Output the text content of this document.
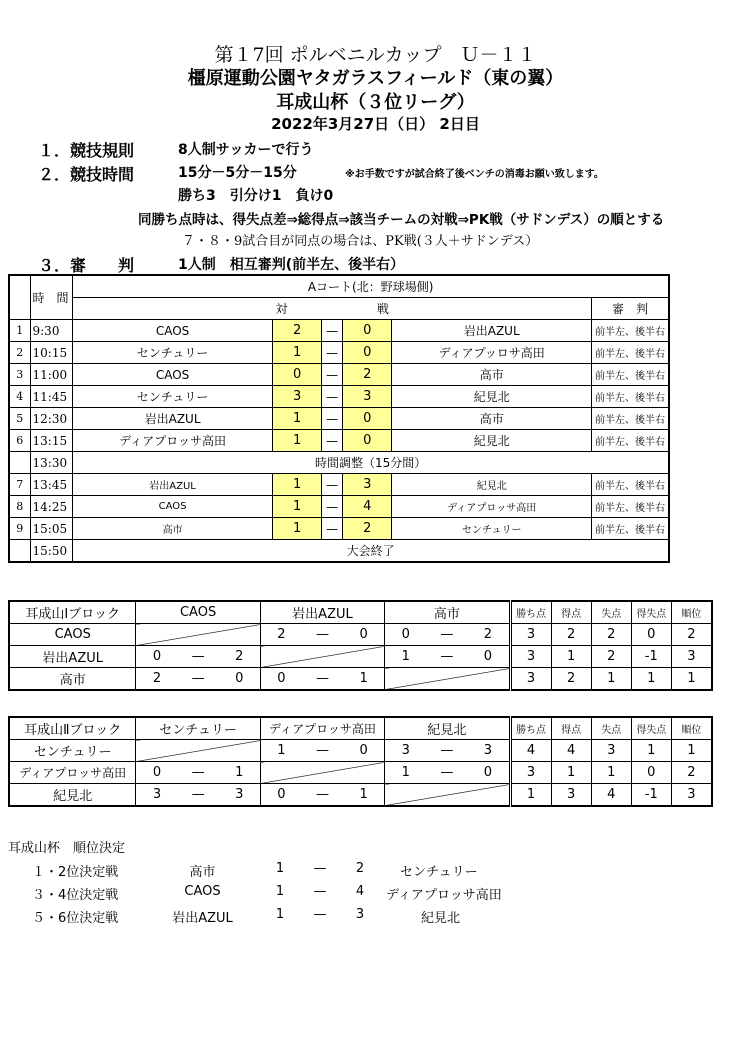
第１7回 ポルベニルカップ　Ｕ－１１
橿原運動公園ヤタガラスフィールド（東の翼）
耳成山杯（３位リーグ）
2022年3月27日（日） 2日目
１．競技規則	8人制サッカーで行う
２．競技時間	15分－5分－15分	※お手数ですが試合終了後ベンチの消毒お願い致します。
勝ち3　引分け1　負け0
同勝ち点時は、得失点差⇒総得点⇒該当チームの対戦⇒PK戦（サドンデス）の順とする
７・８・9試合目が同点の場合は、PK戦(３人＋サドンデス）
３．審　　判	1人制　相互審判(前半左、後半右）
	時　間	Aコート(北：野球場側)					
		対			戦		審　判
1	9:30	CAOS	2	—	0	岩出AZUL	前半左、後半右
2	10:15	センチュリー	1	—	0	ディアプッロサ高田	前半左、後半右
3	11:00	CAOS	0	—	2	高市	前半左、後半右
4	11:45	センチュリー	3	—	3	紀見北	前半左、後半右
5	12:30	岩出AZUL	1	—	0	高市	前半左、後半右
6	13:15	ディアプロッサ高田	1	—	0	紀見北	前半左、後半右
	13:30	時間調整（15分間）					
7	13:45	岩出AZUL	1	—	3	紀見北	前半左、後半右
8	14:25	CAOS	1	—	4	ディアプロッサ高田	前半左、後半右
9	15:05	高市	1	—	2	センチュリー	前半左、後半右
	15:50	大会終了					
耳成山Ⅰブロック	CAOS			岩出AZUL			高市			勝ち点	得点	失点	得失点	順位
CAOS				2	—	0	0	—	2	3	2	2	0	2
岩出AZUL	0	—	2				1	—	0	3	1	2	-1	3
高市	2	—	0	0	—	1				3	2	1	1	1
耳成山Ⅱブロック	センチュリー			ディアプロッサ高田			紀見北			勝ち点	得点	失点	得失点	順位
センチュリー				1	—	0	3	—	3	4	4	3	1	1
ディアプロッサ高田	0	—	1				1	—	0	3	1	1	0	2
紀見北	3	—	3	0	—	1				1	3	4	-1	3
耳成山杯　順位決定
１・2位決定戦	高市	1 — 2	センチュリー
３・4位決定戦	CAOS	1 — 4 ディアプロッサ高田
５・6位決定戦	岩出AZUL	1 — 3	紀見北
